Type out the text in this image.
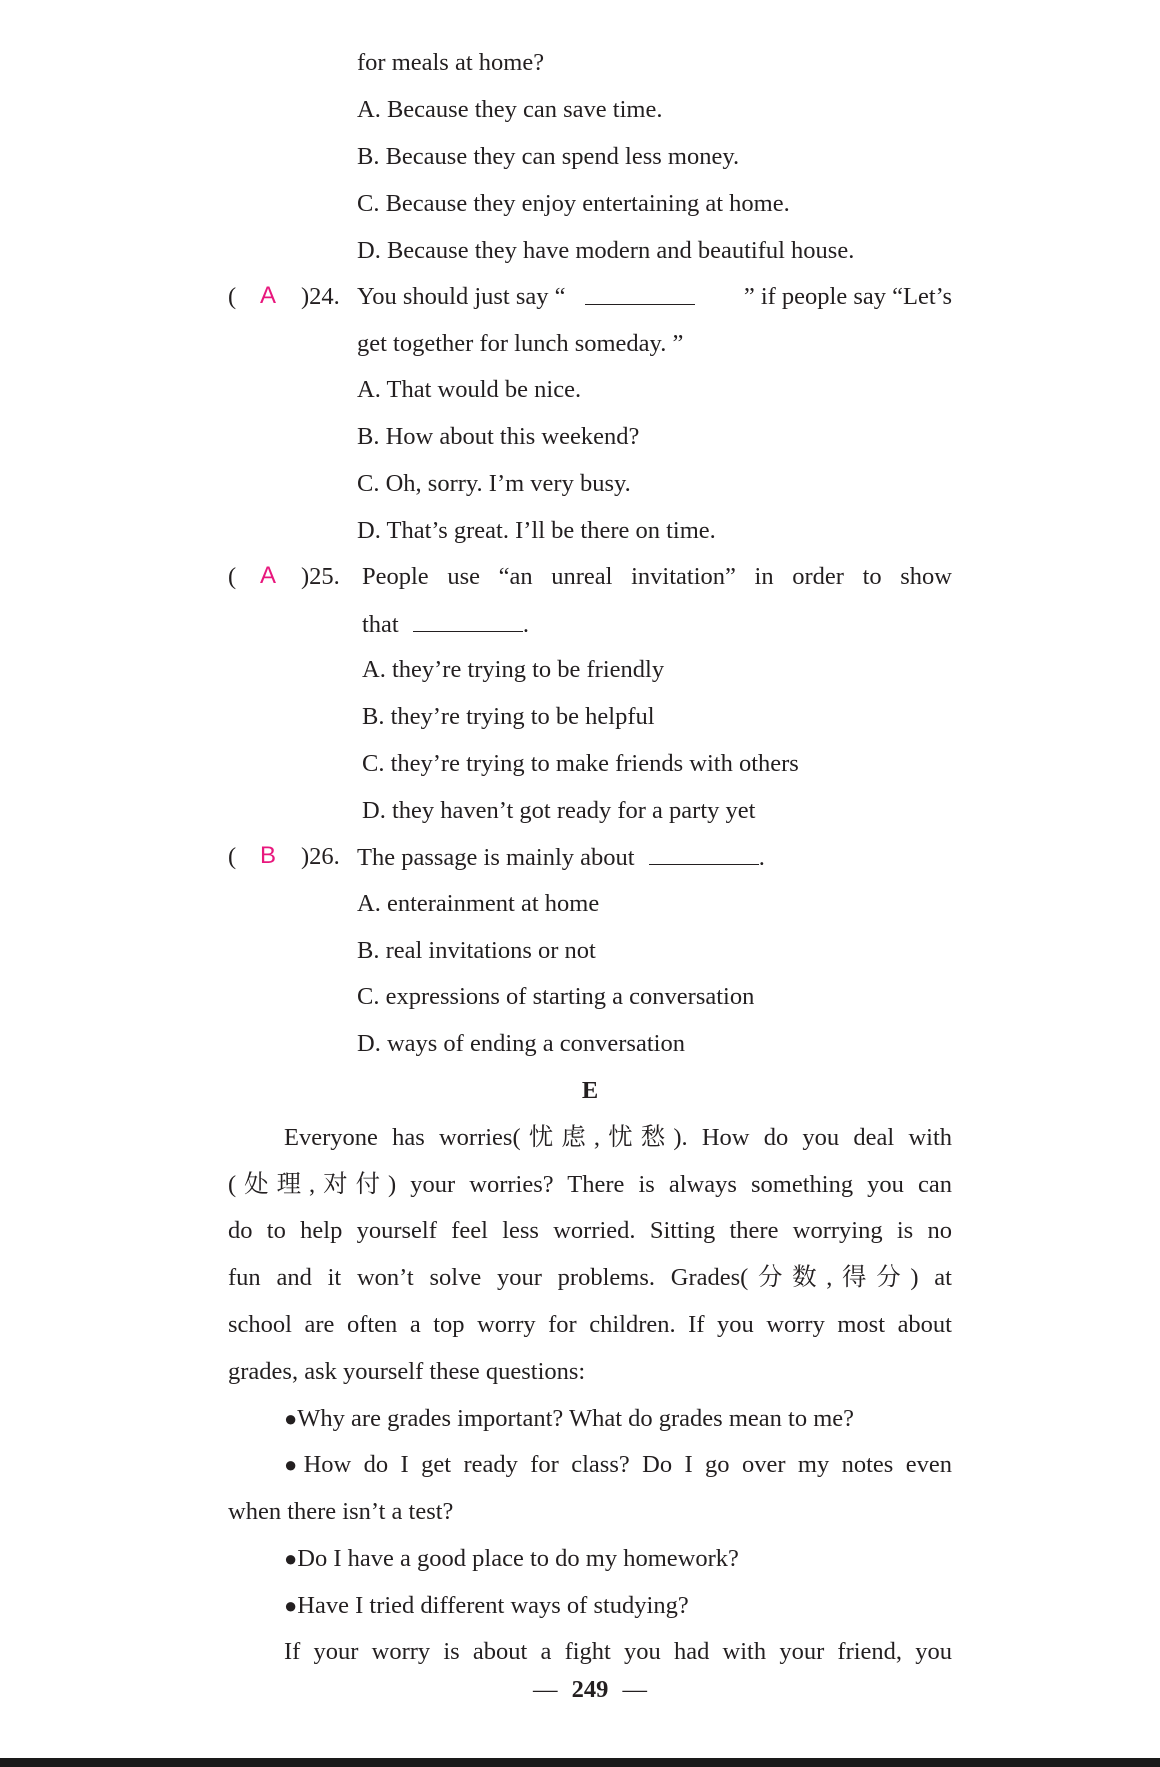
for meals at home?
A. Because they can save time.
B. Because they can spend less money.
C. Because they enjoy entertaining at home.
D. Because they have modern and beautiful house.
( A )24. You should just say “	” if people say “Let’s
get together for lunch someday. ”
A. That would be nice.
B. How about this weekend?
C. Oh, sorry. I’m very busy.
D. That’s great. I’ll be there on time.
( A )25. People use “an unreal invitation” in order to show
that	.
A. they’re trying to be friendly
B. they’re trying to be helpful
C. they’re trying to make friends with others
D. they haven’t got ready for a party yet
( B )26. The passage is mainly about	.
A. enterainment at home
B. real invitations or not
C. expressions of starting a conversation
D. ways of ending a conversation
E
Everyone has worries(忧虑,忧愁). How do you deal with
(处理,对付) your worries? There is always something you can
do to help yourself feel less worried. Sitting there worrying is no
fun and it won’t solve your problems. Grades(分数,得分) at
school are often a top worry for children. If you worry most about
grades, ask yourself these questions:
●Why are grades important? What do grades mean to me?
●How do I get ready for class? Do I go over my notes even
when there isn’t a test?
●Do I have a good place to do my homework?
●Have I tried different ways of studying?
If your worry is about a fight you had with your friend, you
— 249 —
